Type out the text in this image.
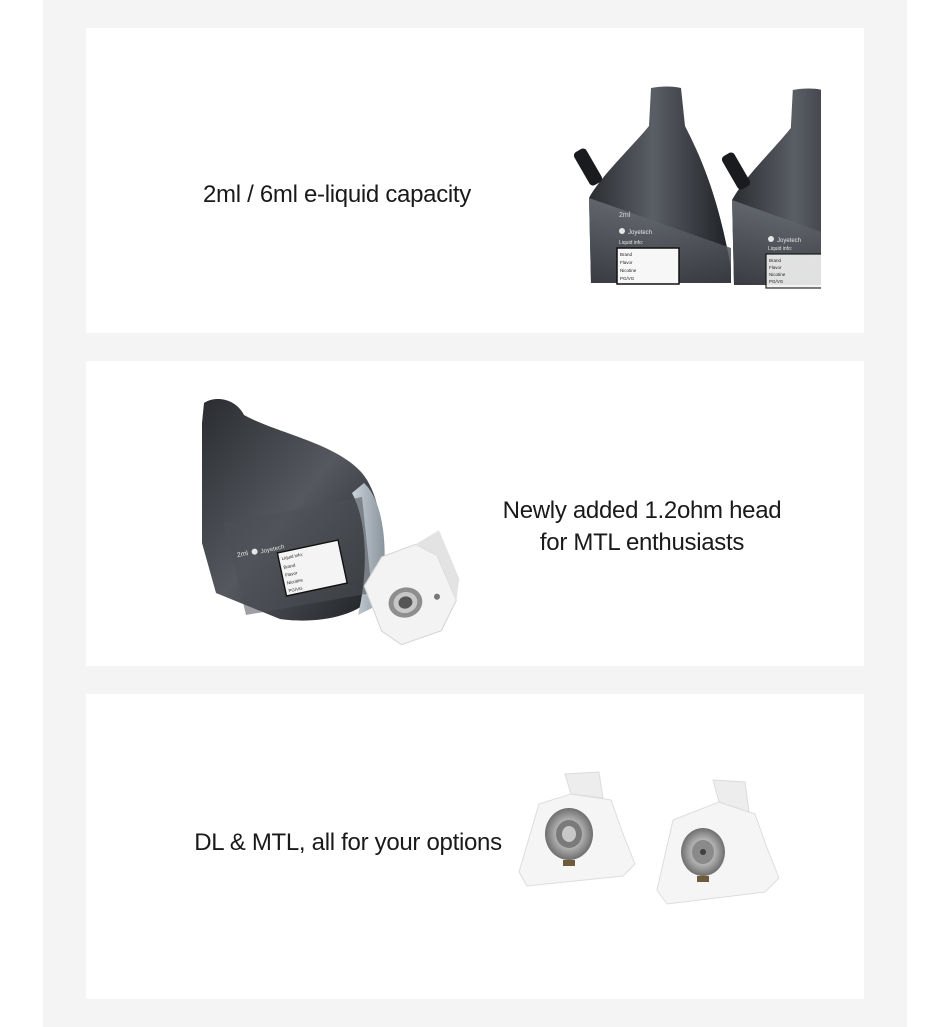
2ml / 6ml e-liquid capacity

2ml
Joyetech
Liquid info:
Brand
Flavor
Nicotine
PG/VG
Joyetech
Liquid info:
Brand
Flavor
Nicotine
PG/VG
2ml Joyetech
Liquid info:
Brand
Flavor
Nicotine
PG/VG

Newly added 1.2ohm head
for MTL enthusiasts

DL & MTL, all for your options
